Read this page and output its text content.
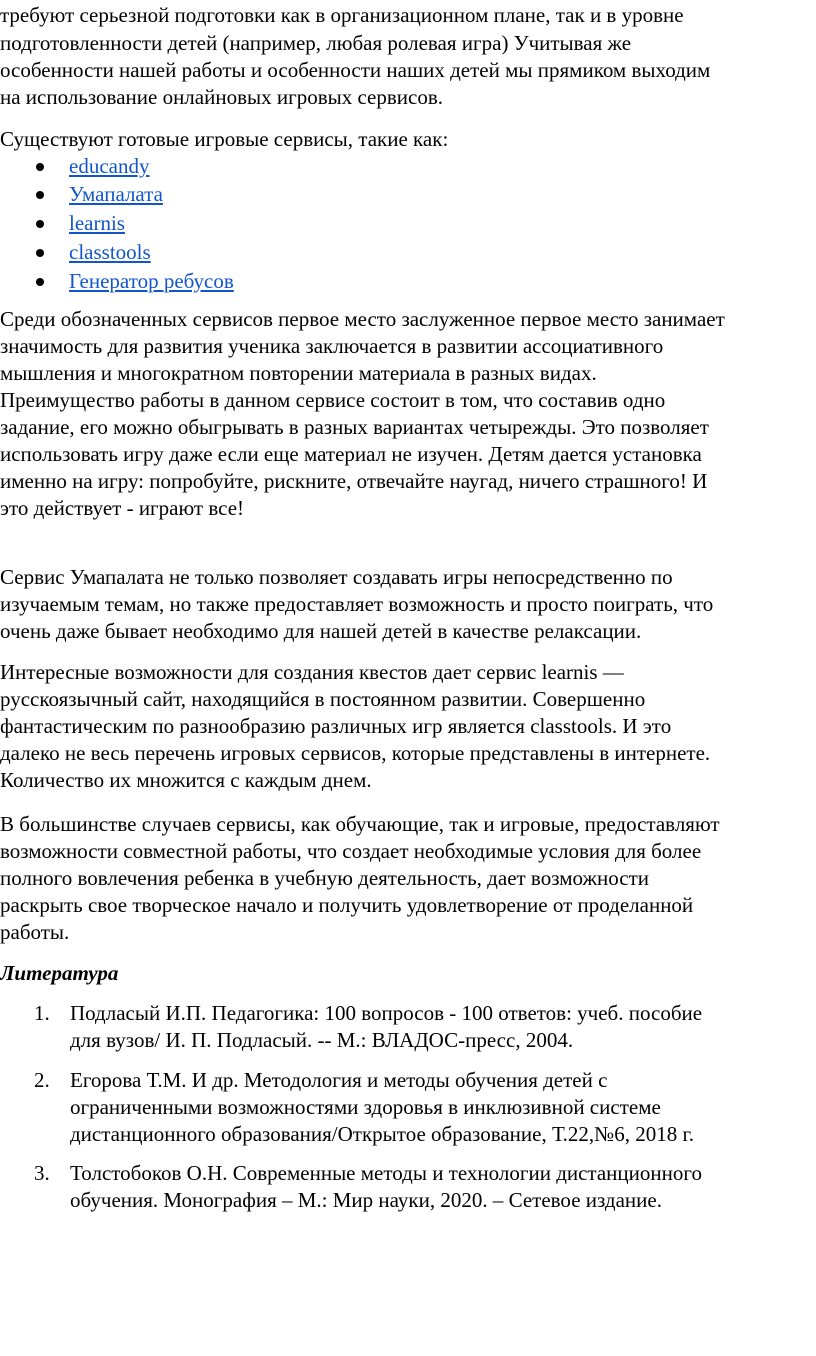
требуют серьезной подготовки как в организационном плане, так и в уровне
подготовленности детей (например, любая ролевая игра) Учитывая же
особенности нашей работы и особенности наших детей мы прямиком выходим
на использование онлайновых игровых сервисов.
Существуют готовые игровые сервисы, такие как:
educandy
Умапалата
learnis
classtools
Генератор ребусов
Среди обозначенных сервисов первое место заслуженное первое место занимает
значимость для развития ученика заключается в развитии ассоциативного
мышления и многократном повторении материала в разных видах.
Преимущество работы в данном сервисе состоит в том, что составив одно
задание, его можно обыгрывать в разных вариантах четырежды. Это позволяет
использовать игру даже если еще материал не изучен. Детям дается установка
именно на игру: попробуйте, рискните, отвечайте наугад, ничего страшного! И
это действует - играют все!
Сервис Умапалата не только позволяет создавать игры непосредственно по
изучаемым темам, но также предоставляет возможность и просто поиграть, что
очень даже бывает необходимо для нашей детей в качестве релаксации.
Интересные возможности для создания квестов дает сервис learnis —
русскоязычный сайт, находящийся в постоянном развитии. Совершенно
фантастическим по разнообразию различных игр является classtools. И это
далеко не весь перечень игровых сервисов, которые представлены в интернете.
Количество их множится с каждым днем.
В большинстве случаев сервисы, как обучающие, так и игровые, предоставляют
возможности совместной работы, что создает необходимые условия для более
полного вовлечения ребенка в учебную деятельность, дает возможности
раскрыть свое творческое начало и получить удовлетворение от проделанной
работы.
Литература
1. Подласый И.П. Педагогика: 100 вопросов - 100 ответов: учеб. пособие
для вузов/ И. П. Подласый. -- М.: ВЛАДОС-пресс, 2004.
2. Егорова Т.М. И др. Методология и методы обучения детей с
ограниченными возможностями здоровья в инклюзивной системе
дистанционного образования/Открытое образование, Т.22,№6, 2018 г.
3. Толстобоков О.Н. Современные методы и технологии дистанционного
обучения. Монография – М.: Мир науки, 2020. – Сетевое издание.
